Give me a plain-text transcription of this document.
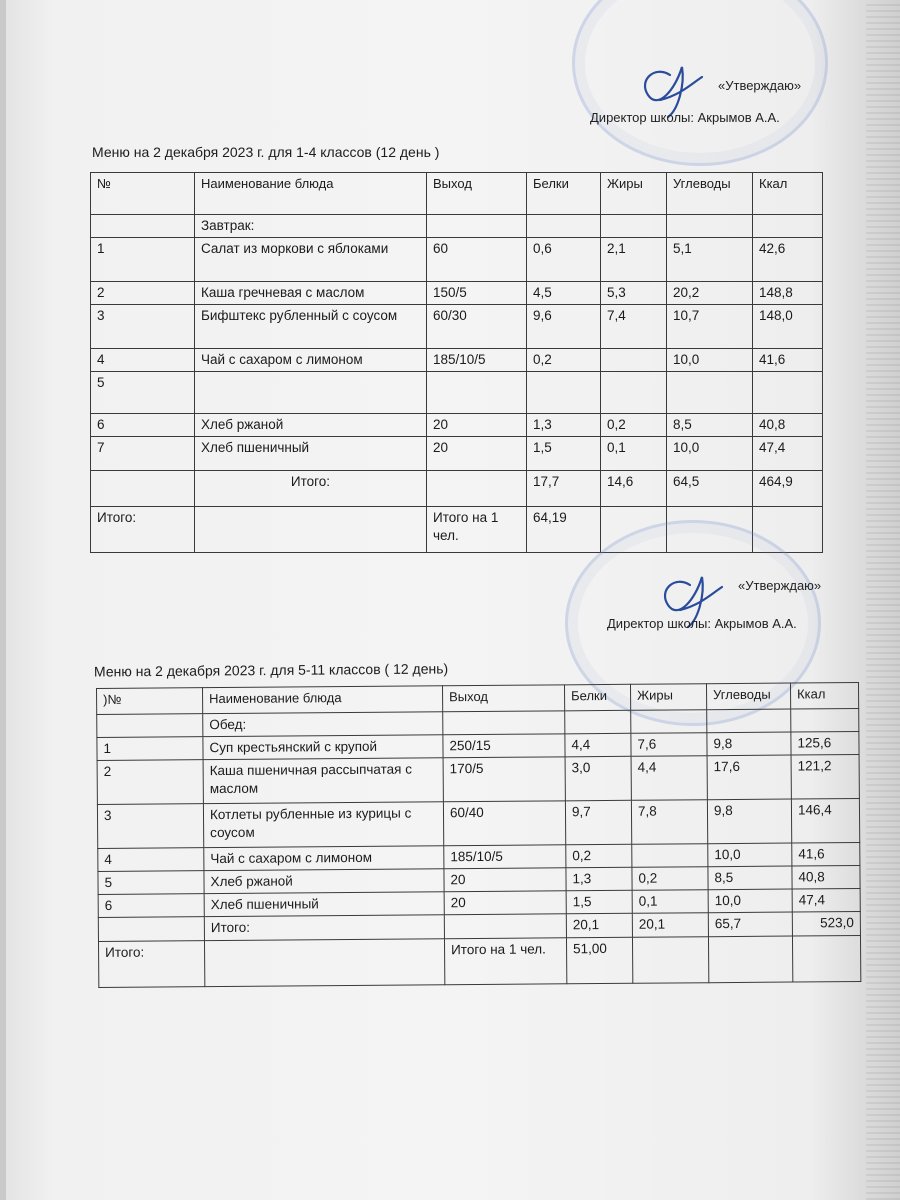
«Утверждаю»
Директор школы: Акрымов А.А.
Меню на 2 декабря 2023 г. для 1-4 классов (12 день )
№	Наименование блюда	Выход	Белки	Жиры	Углеводы	Ккал
	Завтрак:					
1	Салат из моркови с яблоками	60	0,6	2,1	5,1	42,6
2	Каша гречневая с маслом	150/5	4,5	5,3	20,2	148,8
3	Бифштекс рубленный с соусом	60/30	9,6	7,4	10,7	148,0
4	Чай с сахаром с лимоном	185/10/5	0,2		10,0	41,6
5						
6	Хлеб ржаной	20	1,3	0,2	8,5	40,8
7	Хлеб пшеничный	20	1,5	0,1	10,0	47,4
	Итого:		17,7	14,6	64,5	464,9
Итого:		Итого на 1 чел.	64,19			
«Утверждаю»
Директор школы: Акрымов А.А.
Меню на 2 декабря 2023 г. для 5-11 классов ( 12 день)
)№	Наименование блюда	Выход	Белки	Жиры	Углеводы	Ккал
	Обед:					
1	Суп крестьянский с крупой	250/15	4,4	7,6	9,8	125,6
2	Каша пшеничная рассыпчатая с маслом	170/5	3,0	4,4	17,6	121,2
3	Котлеты рубленные из курицы с соусом	60/40	9,7	7,8	9,8	146,4
4	Чай с сахаром с лимоном	185/10/5	0,2		10,0	41,6
5	Хлеб ржаной	20	1,3	0,2	8,5	40,8
6	Хлеб пшеничный	20	1,5	0,1	10,0	47,4
	Итого:		20,1	20,1	65,7	523,0
Итого:		Итого на 1 чел.	51,00			
